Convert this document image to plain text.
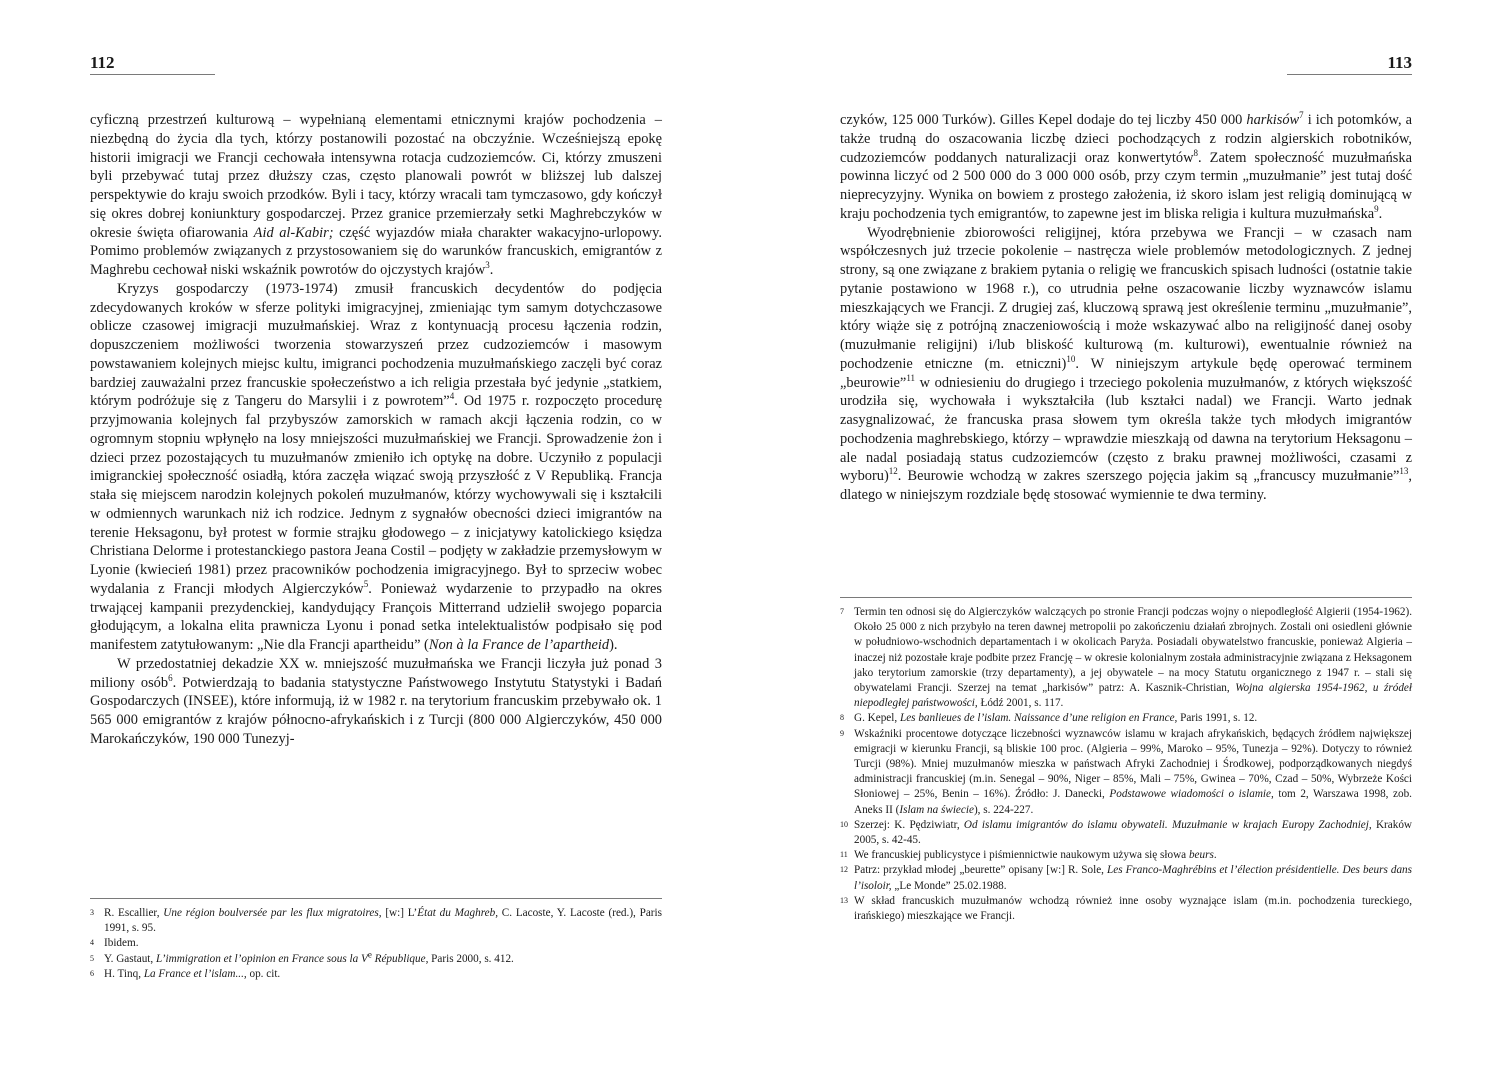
112

cyficzną przestrzeń kulturową – wypełnianą elementami etnicznymi krajów pochodzenia – niezbędną do życia dla tych, którzy postanowili pozostać na obczyźnie. Wcześniejszą epokę historii imigracji we Francji cechowała intensywna rotacja cudzoziemców. Ci, którzy zmuszeni byli przebywać tutaj przez dłuższy czas, często planowali powrót w bliższej lub dalszej perspektywie do kraju swoich przodków. Byli i tacy, którzy wracali tam tymczasowo, gdy kończył się okres dobrej koniunktury gospodarczej. Przez granice przemierzały setki Maghrebczyków w okresie święta ofiarowania Aid al-Kabir; część wyjazdów miała charakter wakacyjno-urlopowy. Pomimo problemów związanych z przystosowaniem się do warunków francuskich, emigrantów z Maghrebu cechował niski wskaźnik powrotów do ojczystych krajów$^3$.

Kryzys gospodarczy (1973-1974) zmusił francuskich decydentów do podjęcia zdecydowanych kroków w sferze polityki imigracyjnej, zmieniając tym samym dotychczasowe oblicze czasowej imigracji muzułmańskiej. Wraz z kontynuacją procesu łączenia rodzin, dopuszczeniem możliwości tworzenia stowarzyszeń przez cudzoziemców i masowym powstawaniem kolejnych miejsc kultu, imigranci pochodzenia muzułmańskiego zaczęli być coraz bardziej zauważalni przez francuskie społeczeństwo a ich religia przestała być jedynie „statkiem, którym podróżuje się z Tangeru do Marsylii i z powrotem”$^4$. Od 1975 r. rozpoczęto procedurę przyjmowania kolejnych fal przybyszów zamorskich w ramach akcji łączenia rodzin, co w ogromnym stopniu wpłynęło na losy mniejszości muzułmańskiej we Francji. Sprowadzenie żon i dzieci przez pozostających tu muzułmanów zmieniło ich optykę na dobre. Uczyniło z populacji imigranckiej społeczność osiadłą, która zaczęła wiązać swoją przyszłość z V Republiką. Francja stała się miejscem narodzin kolejnych pokoleń muzułmanów, którzy wychowywali się i kształcili w odmiennych warunkach niż ich rodzice. Jednym z sygnałów obecności dzieci imigrantów na terenie Heksagonu, był protest w formie strajku głodowego – z inicjatywy katolickiego księdza Christiana Delorme i protestanckiego pastora Jeana Costil – podjęty w zakładzie przemysłowym w Lyonie (kwiecień 1981) przez pracowników pochodzenia imigracyjnego. Był to sprzeciw wobec wydalania z Francji młodych Algierczyków$^5$. Ponieważ wydarzenie to przypadło na okres trwającej kampanii prezydenckiej, kandydujący François Mitterrand udzielił swojego poparcia głodującym, a lokalna elita prawnicza Lyonu i ponad setka intelektualistów podpisało się pod manifestem zatytułowanym: „Nie dla Francji apartheidu” (Non à la France de l’apartheid).

W przedostatniej dekadzie XX w. mniejszość muzułmańska we Francji liczyła już ponad 3 miliony osób$^6$. Potwierdzają to badania statystyczne Państwowego Instytutu Statystyki i Badań Gospodarczych (INSEE), które informują, iż w 1982 r. na terytorium francuskim przebywało ok. 1 565 000 emigrantów z krajów północno-afrykańskich i z Turcji (800 000 Algierczyków, 450 000 Marokańczyków, 190 000 Tunezyj-

3 R. Escallier, Une région boulversée par les flux migratoires, [w:] L’État du Maghreb, C. Lacoste, Y. Lacoste (red.), Paris 1991, s. 95.
4 Ibidem.
5 Y. Gastaut, L’immigration et l’opinion en France sous la Ve République, Paris 2000, s. 412.
6 H. Tinq, La France et l’islam..., op. cit.
113

czyków, 125 000 Turków). Gilles Kepel dodaje do tej liczby 450 000 harkisów$^7$ i ich potomków, a także trudną do oszacowania liczbę dzieci pochodzących z rodzin algierskich robotników, cudzoziemców poddanych naturalizacji oraz konwertytów$^8$. Zatem społeczność muzułmańska powinna liczyć od 2 500 000 do 3 000 000 osób, przy czym termin „muzułmanie” jest tutaj dość nieprecyzyjny. Wynika on bowiem z prostego założenia, iż skoro islam jest religią dominującą w kraju pochodzenia tych emigrantów, to zapewne jest im bliska religia i kultura muzułmańska$^9$.

Wyodrębnienie zbiorowości religijnej, która przebywa we Francji – w czasach nam współczesnych już trzecie pokolenie – nastręcza wiele problemów metodologicznych. Z jednej strony, są one związane z brakiem pytania o religię we francuskich spisach ludności (ostatnie takie pytanie postawiono w 1968 r.), co utrudnia pełne oszacowanie liczby wyznawców islamu mieszkających we Francji. Z drugiej zaś, kluczową sprawą jest określenie terminu „muzułmanie”, który wiąże się z potrójną znaczeniowością i może wskazywać albo na religijność danej osoby (muzułmanie religijni) i/lub bliskość kulturową (m. kulturowi), ewentualnie również na pochodzenie etniczne (m. etniczni)$^{10}$. W niniejszym artykule będę operować terminem „beurowie”$^{11}$ w odniesieniu do drugiego i trzeciego pokolenia muzułmanów, z których większość urodziła się, wychowała i wykształciła (lub kształci nadal) we Francji. Warto jednak zasygnalizować, że francuska prasa słowem tym określa także tych młodych imigrantów pochodzenia maghrebskiego, którzy – wprawdzie mieszkają od dawna na terytorium Heksagonu – ale nadal posiadają status cudzoziemców (często z braku prawnej możliwości, czasami z wyboru)$^{12}$. Beurowie wchodzą w zakres szerszego pojęcia jakim są „francuscy muzułmanie”$^{13}$, dlatego w niniejszym rozdziale będę stosować wymiennie te dwa terminy.

7 Termin ten odnosi się do Algierczyków walczących po stronie Francji podczas wojny o niepodległość Algierii (1954-1962). Około 25 000 z nich przybyło na teren dawnej metropolii po zakończeniu działań zbrojnych. Zostali oni osiedleni głównie w południowo-wschodnich departamentach i w okolicach Paryża. Posiadali obywatelstwo francuskie, ponieważ Algieria – inaczej niż pozostałe kraje podbite przez Francję – w okresie kolonialnym została administracyjnie związana z Heksagonem jako terytorium zamorskie (trzy departamenty), a jej obywatele – na mocy Statutu organicznego z 1947 r. – stali się obywatelami Francji. Szerzej na temat „harkisów” patrz: A. Kasznik-Christian, Wojna algierska 1954-1962, u źródeł niepodległej państwowości, Łódź 2001, s. 117.
8 G. Kepel, Les banlieues de l’islam. Naissance d’une religion en France, Paris 1991, s. 12.
9 Wskaźniki procentowe dotyczące liczebności wyznawców islamu w krajach afrykańskich, będących źródłem największej emigracji w kierunku Francji, są bliskie 100 proc. (Algieria – 99%, Maroko – 95%, Tunezja – 92%). Dotyczy to również Turcji (98%). Mniej muzułmanów mieszka w państwach Afryki Zachodniej i Środkowej, podporządkowanych niegdyś administracji francuskiej (m.in. Senegal – 90%, Niger – 85%, Mali – 75%, Gwinea – 70%, Czad – 50%, Wybrzeże Kości Słoniowej – 25%, Benin – 16%). Źródło: J. Danecki, Podstawowe wiadomości o islamie, tom 2, Warszawa 1998, zob. Aneks II (Islam na świecie), s. 224-227.
10 Szerzej: K. Pędziwiatr, Od islamu imigrantów do islamu obywateli. Muzułmanie w krajach Europy Zachodniej, Kraków 2005, s. 42-45.
11 We francuskiej publicystyce i piśmiennictwie naukowym używa się słowa beurs.
12 Patrz: przykład młodej „beurette” opisany [w:] R. Sole, Les Franco-Maghrébins et l’élection présidentielle. Des beurs dans l’isoloir, „Le Monde” 25.02.1988.
13 W skład francuskich muzułmanów wchodzą również inne osoby wyznające islam (m.in. pochodzenia tureckiego, irańskiego) mieszkające we Francji.
